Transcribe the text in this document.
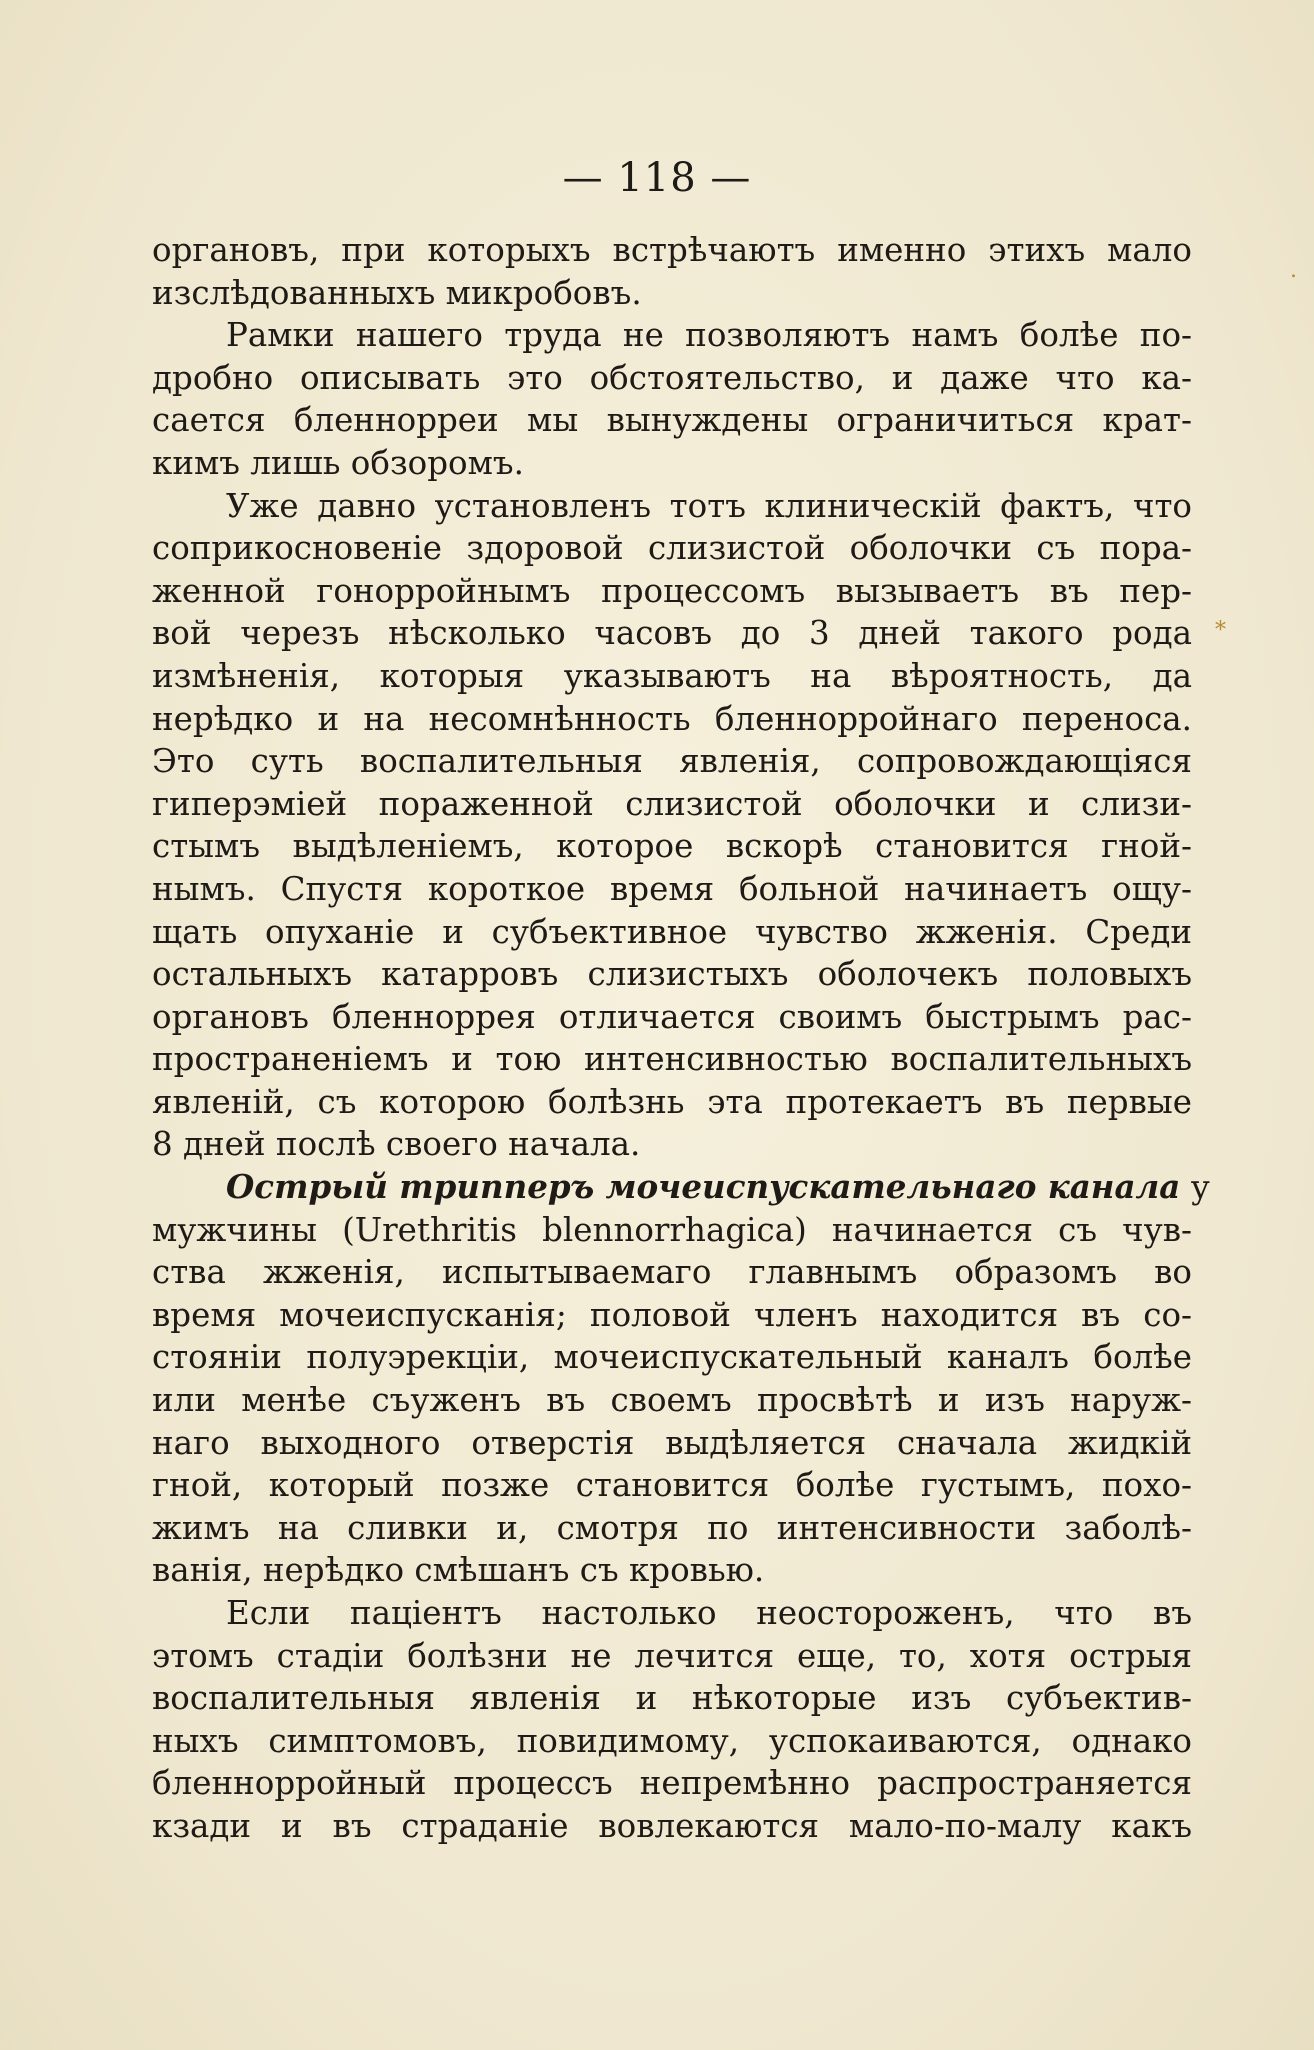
— 118 —
органовъ, при которыхъ встрѣчаютъ именно этихъ мало
изслѣдованныхъ микробовъ.
Рамки нашего труда не позволяютъ намъ болѣе по-
дробно описывать это обстоятельство, и даже что ка-
сается бленнорреи мы вынуждены ограничиться крат-
кимъ лишь обзоромъ.
Уже давно установленъ тотъ клиническій фактъ, что
соприкосновеніе здоровой слизистой оболочки съ пора-
женной гонорройнымъ процессомъ вызываетъ въ пер-
вой черезъ нѣсколько часовъ до 3 дней такого рода
измѣненія, которыя указываютъ на вѣроятность, да
нерѣдко и на несомнѣнность бленнорройнаго переноса.
Это суть воспалительныя явленія, сопровождающіяся
гиперэміей пораженной слизистой оболочки и слизи-
стымъ выдѣленіемъ, которое вскорѣ становится гной-
нымъ. Спустя короткое время больной начинаетъ ощу-
щать опуханіе и субъективное чувство жженія. Среди
остальныхъ катарровъ слизистыхъ оболочекъ половыхъ
органовъ бленноррея отличается своимъ быстрымъ рас-
пространеніемъ и тою интенсивностью воспалительныхъ
явленій, съ которою болѣзнь эта протекаетъ въ первые
8 дней послѣ своего начала.
Острый трипперъ мочеиспускательнаго канала у
мужчины (Urethritis blennorrhagica) начинается съ чув-
ства жженія, испытываемаго главнымъ образомъ во
время мочеиспусканія; половой членъ находится въ со-
стояніи полуэрекціи, мочеиспускательный каналъ болѣе
или менѣе съуженъ въ своемъ просвѣтѣ и изъ наруж-
наго выходного отверстія выдѣляется сначала жидкій
гной, который позже становится болѣе густымъ, похо-
жимъ на сливки и, смотря по интенсивности заболѣ-
ванія, нерѣдко смѣшанъ съ кровью.
Если паціентъ настолько неостороженъ, что въ
этомъ стадіи болѣзни не лечится еще, то, хотя острыя
воспалительныя явленія и нѣкоторые изъ субъектив-
ныхъ симптомовъ, повидимому, успокаиваются, однако
бленнорройный процессъ непремѣнно распространяется
кзади и въ страданіе вовлекаются мало-по-малу какъ
.
*
